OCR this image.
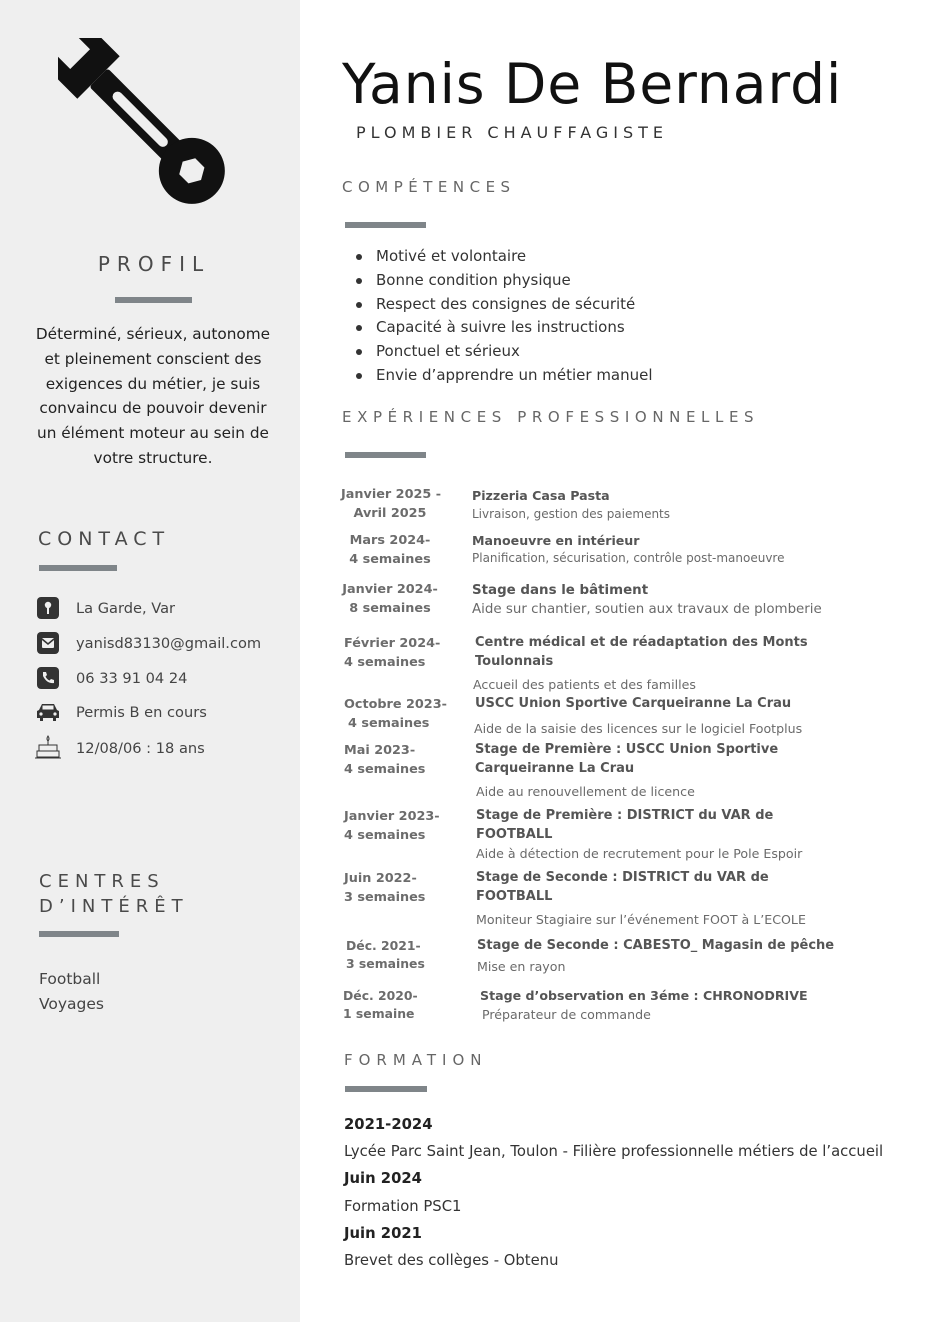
PROFIL
Déterminé, sérieux, autonome et pleinement conscient des exigences du métier, je suis convaincu de pouvoir devenir un élément moteur au sein de votre structure.
CONTACT
La Garde, Var
yanisd83130@gmail.com
06 33 91 04 24
Permis B en cours
12/08/06 : 18 ans
CENTRES
D’INTÉRÊT
Football
Voyages
Yanis De Bernardi
PLOMBIER CHAUFFAGISTE
COMPÉTENCES
Motivé et volontaire
Bonne condition physique
Respect des consignes de sécurité
Capacité à suivre les instructions
Ponctuel et sérieux
Envie d’apprendre un métier manuel
EXPÉRIENCES PROFESSIONNELLES
Janvier 2025 -
Avril 2025
Pizzeria Casa Pasta
Livraison, gestion des paiements
Mars 2024-
4 semaines
Manoeuvre en intérieur
Planification, sécurisation, contrôle post-manoeuvre
Janvier 2024-
8 semaines
Stage dans le bâtiment
Aide sur chantier, soutien aux travaux de plomberie
Février 2024-
4 semaines
Centre médical et de réadaptation des Monts
Toulonnais
Accueil des patients et des familles
Octobre 2023-
4 semaines
USCC Union Sportive Carqueiranne La Crau
Aide de la saisie des licences sur le logiciel Footplus
Mai 2023-
4 semaines
Stage de Première : USCC Union Sportive
Carqueiranne La Crau
Aide au renouvellement de licence
Janvier 2023-
4 semaines
Stage de Première : DISTRICT du VAR de
FOOTBALL
Aide à détection de recrutement pour le Pole Espoir
Juin 2022-
3 semaines
Stage de Seconde : DISTRICT du VAR de
FOOTBALL
Moniteur Stagiaire sur l’événement FOOT à L’ECOLE
Déc. 2021-
3 semaines
Stage de Seconde : CABESTO_ Magasin de pêche
Mise en rayon
Déc. 2020-
1 semaine
Stage d’observation en 3éme : CHRONODRIVE
Préparateur de commande
FORMATION
2021-2024
Lycée Parc Saint Jean, Toulon - Filière professionnelle métiers de l’accueil
Juin 2024
Formation PSC1
Juin 2021
Brevet des collèges - Obtenu
